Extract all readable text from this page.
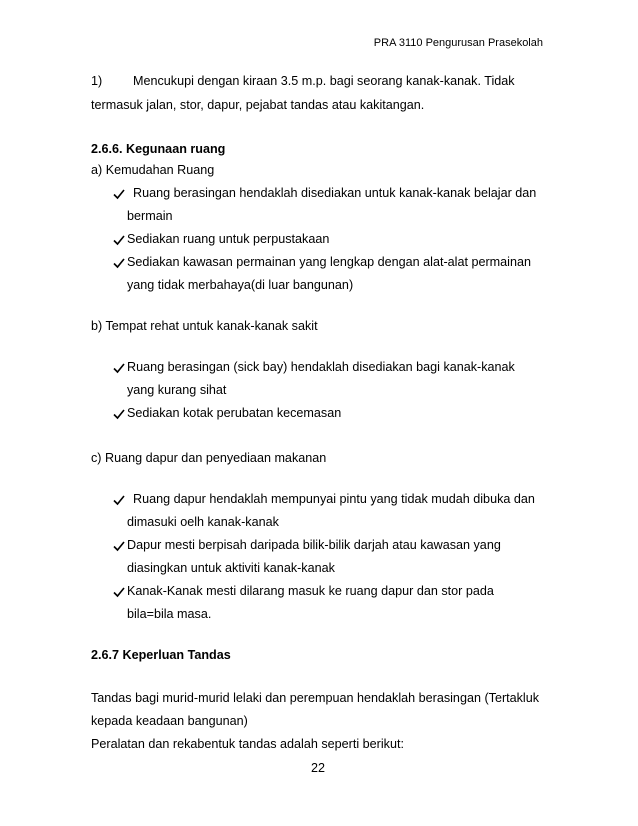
PRA 3110 Pengurusan Prasekolah
1) Mencukupi dengan kiraan 3.5 m.p. bagi seorang kanak-kanak. Tidak
termasuk jalan, stor, dapur, pejabat tandas atau kakitangan.
2.6.6. Kegunaan ruang
a) Kemudahan Ruang
Ruang berasingan hendaklah disediakan untuk kanak-kanak belajar dan
bermain
Sediakan ruang untuk perpustakaan
Sediakan kawasan permainan yang lengkap dengan alat-alat permainan
yang tidak merbahaya(di luar bangunan)
b) Tempat rehat untuk kanak-kanak sakit
Ruang berasingan (sick bay) hendaklah disediakan bagi kanak-kanak
yang kurang sihat
Sediakan kotak perubatan kecemasan
c) Ruang dapur dan penyediaan makanan
Ruang dapur hendaklah mempunyai pintu yang tidak mudah dibuka dan
dimasuki oelh kanak-kanak
Dapur mesti berpisah daripada bilik-bilik darjah atau kawasan yang
diasingkan untuk aktiviti kanak-kanak
Kanak-Kanak mesti dilarang masuk ke ruang dapur dan stor pada
bila=bila masa.
2.6.7 Keperluan Tandas
Tandas bagi murid-murid lelaki dan perempuan hendaklah berasingan (Tertakluk
kepada keadaan bangunan)
Peralatan dan rekabentuk tandas adalah seperti berikut:
22
